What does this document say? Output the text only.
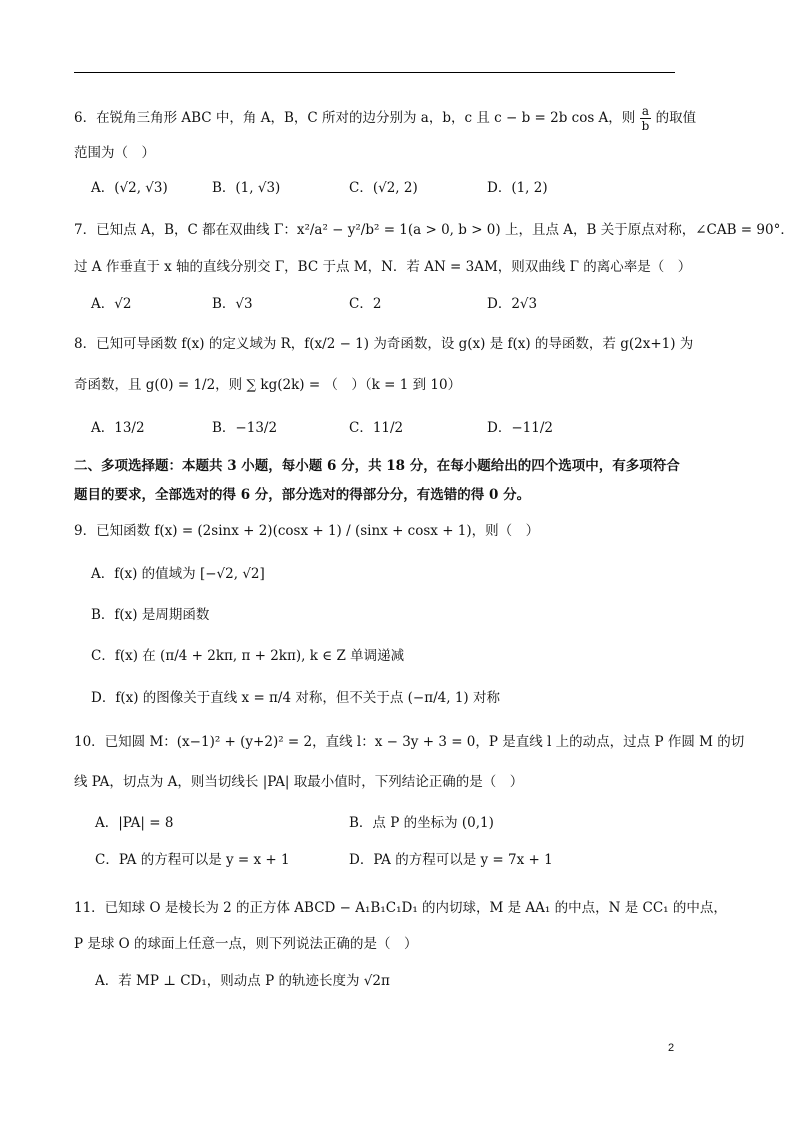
6．在锐角三角形 ABC 中，角 A，B，C 所对的边分别为 a，b，c 且 c − b = 2b cos A，则 $\frac{a}{b}$ 的取值
范围为（　）
A．(√2, √3)	B．(1, √3)	C．(√2, 2)	D．(1, 2)
7．已知点 A，B，C 都在双曲线 Γ：x²/a² − y²/b² = 1(a > 0, b > 0) 上，且点 A，B 关于原点对称，∠CAB = 90°．
过 A 作垂直于 x 轴的直线分别交 Γ，BC 于点 M，N．若 AN = 3AM，则双曲线 Γ 的离心率是（　）
A．√2	B．√3	C．2	D．2√3
8．已知可导函数 f(x) 的定义域为 R，f(x/2 − 1) 为奇函数，设 g(x) 是 f(x) 的导函数，若 g(2x+1) 为
奇函数，且 g(0) = 1/2，则 ∑ kg(2k) = （　）（k = 1 到 10）
A．13/2	B．−13/2	C．11/2	D．−11/2
二、多项选择题：本题共 3 小题，每小题 6 分，共 18 分，在每小题给出的四个选项中，有多项符合
题目的要求，全部选对的得 6 分，部分选对的得部分分，有选错的得 0 分。
9．已知函数 f(x) = (2sinx + 2)(cosx + 1) / (sinx + cosx + 1)，则（　）
A．f(x) 的值域为 [−√2, √2]
B．f(x) 是周期函数
C．f(x) 在 (π/4 + 2kπ, π + 2kπ), k ∈ Z 单调递减
D．f(x) 的图像关于直线 x = π/4 对称，但不关于点 (−π/4, 1) 对称
10．已知圆 M：(x−1)² + (y+2)² = 2，直线 l：x − 3y + 3 = 0，P 是直线 l 上的动点，过点 P 作圆 M 的切
线 PA，切点为 A，则当切线长 |PA| 取最小值时，下列结论正确的是（　）
A．|PA| = 8	B．点 P 的坐标为 (0,1)
C．PA 的方程可以是 y = x + 1	D．PA 的方程可以是 y = 7x + 1
11．已知球 O 是棱长为 2 的正方体 ABCD − A₁B₁C₁D₁ 的内切球，M 是 AA₁ 的中点，N 是 CC₁ 的中点，
P 是球 O 的球面上任意一点，则下列说法正确的是（　）
A．若 MP ⊥ CD₁，则动点 P 的轨迹长度为 √2π
2
